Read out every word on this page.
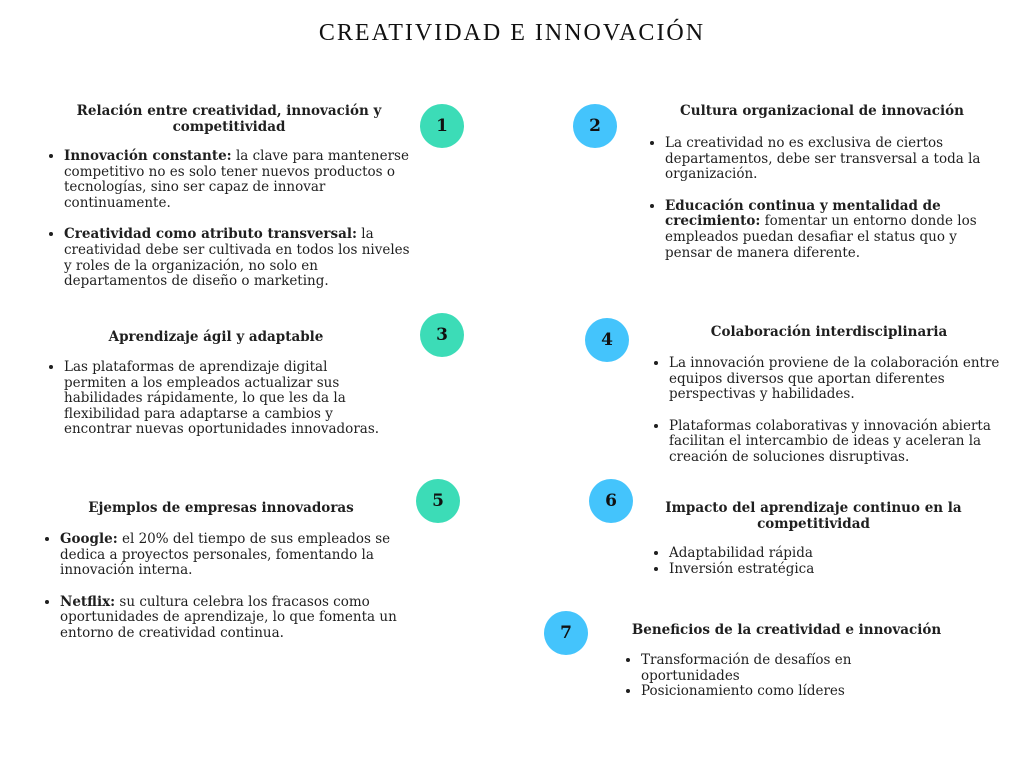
CREATIVIDAD E INNOVACIÓN
1	2
3	4
5	6
7
Relación entre creatividad, innovación y competitividad
• Innovación constante: la clave para mantenerse competitivo no es solo tener nuevos productos o tecnologías, sino ser capaz de innovar continuamente.
• Creatividad como atributo transversal: la creatividad debe ser cultivada en todos los niveles y roles de la organización, no solo en departamentos de diseño o marketing.
Cultura organizacional de innovación
• La creatividad no es exclusiva de ciertos departamentos, debe ser transversal a toda la organización.
• Educación continua y mentalidad de crecimiento: fomentar un entorno donde los empleados puedan desafiar el status quo y pensar de manera diferente.
Aprendizaje ágil y adaptable
• Las plataformas de aprendizaje digital permiten a los empleados actualizar sus habilidades rápidamente, lo que les da la flexibilidad para adaptarse a cambios y encontrar nuevas oportunidades innovadoras.
Colaboración interdisciplinaria
• La innovación proviene de la colaboración entre equipos diversos que aportan diferentes perspectivas y habilidades.
• Plataformas colaborativas y innovación abierta facilitan el intercambio de ideas y aceleran la creación de soluciones disruptivas.
Ejemplos de empresas innovadoras
• Google: el 20% del tiempo de sus empleados se dedica a proyectos personales, fomentando la innovación interna.
• Netflix: su cultura celebra los fracasos como oportunidades de aprendizaje, lo que fomenta un entorno de creatividad continua.
Impacto del aprendizaje continuo en la competitividad
• Adaptabilidad rápida
• Inversión estratégica
Beneficios de la creatividad e innovación
• Transformación de desafíos en oportunidades
• Posicionamiento como líderes
